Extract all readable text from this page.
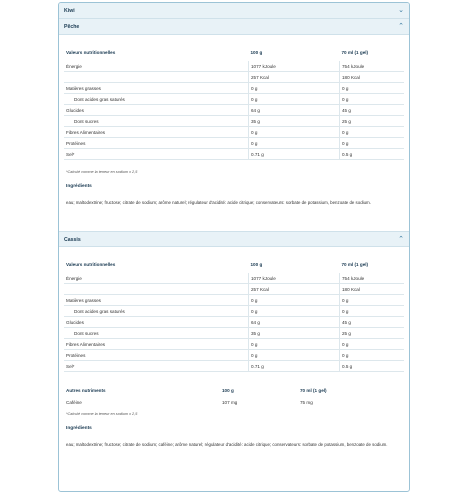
Kiwi	⌄
Pêche	⌃
Valeurs nutritionnelles	100 g	70 ml (1 gel)
Énergie	1077 kJoule	754 kJoule
	257 Kcal	180 Kcal
Matières grasses	0 g	0 g
Dont acides gras saturés	0 g	0 g
Glucides	64 g	45 g
Dont sucres	35 g	25 g
Fibres Alimentaires	0 g	0 g
Protéines	0 g	0 g
Sel*	0.71 g	0.5 g
*Calculé comme la teneur en sodium x 2,5
Ingrédients
eau; maltodextrine; fructose; citrate de sodium; arôme naturel; régulateur d'acidité: acide citrique; conservateurs: sorbate de potassium, benzoate de sodium.
Cassis	⌃
Valeurs nutritionnelles	100 g	70 ml (1 gel)
Énergie	1077 kJoule	754 kJoule
	257 Kcal	180 Kcal
Matières grasses	0 g	0 g
Dont acides gras saturés	0 g	0 g
Glucides	64 g	45 g
Dont sucres	35 g	25 g
Fibres Alimentaires	0 g	0 g
Protéines	0 g	0 g
Sel*	0.71 g	0.5 g
Autres nutriments	100 g	70 ml (1 gel)
Caféine	107 mg	75 mg
*Calculé comme la teneur en sodium x 2,5
Ingrédients
eau; maltodextrine; fructose; citrate de sodium; caféine; arôme naturel; régulateur d'acidité: acide citrique; conservateurs: sorbate de potassium, benzoate de sodium.
